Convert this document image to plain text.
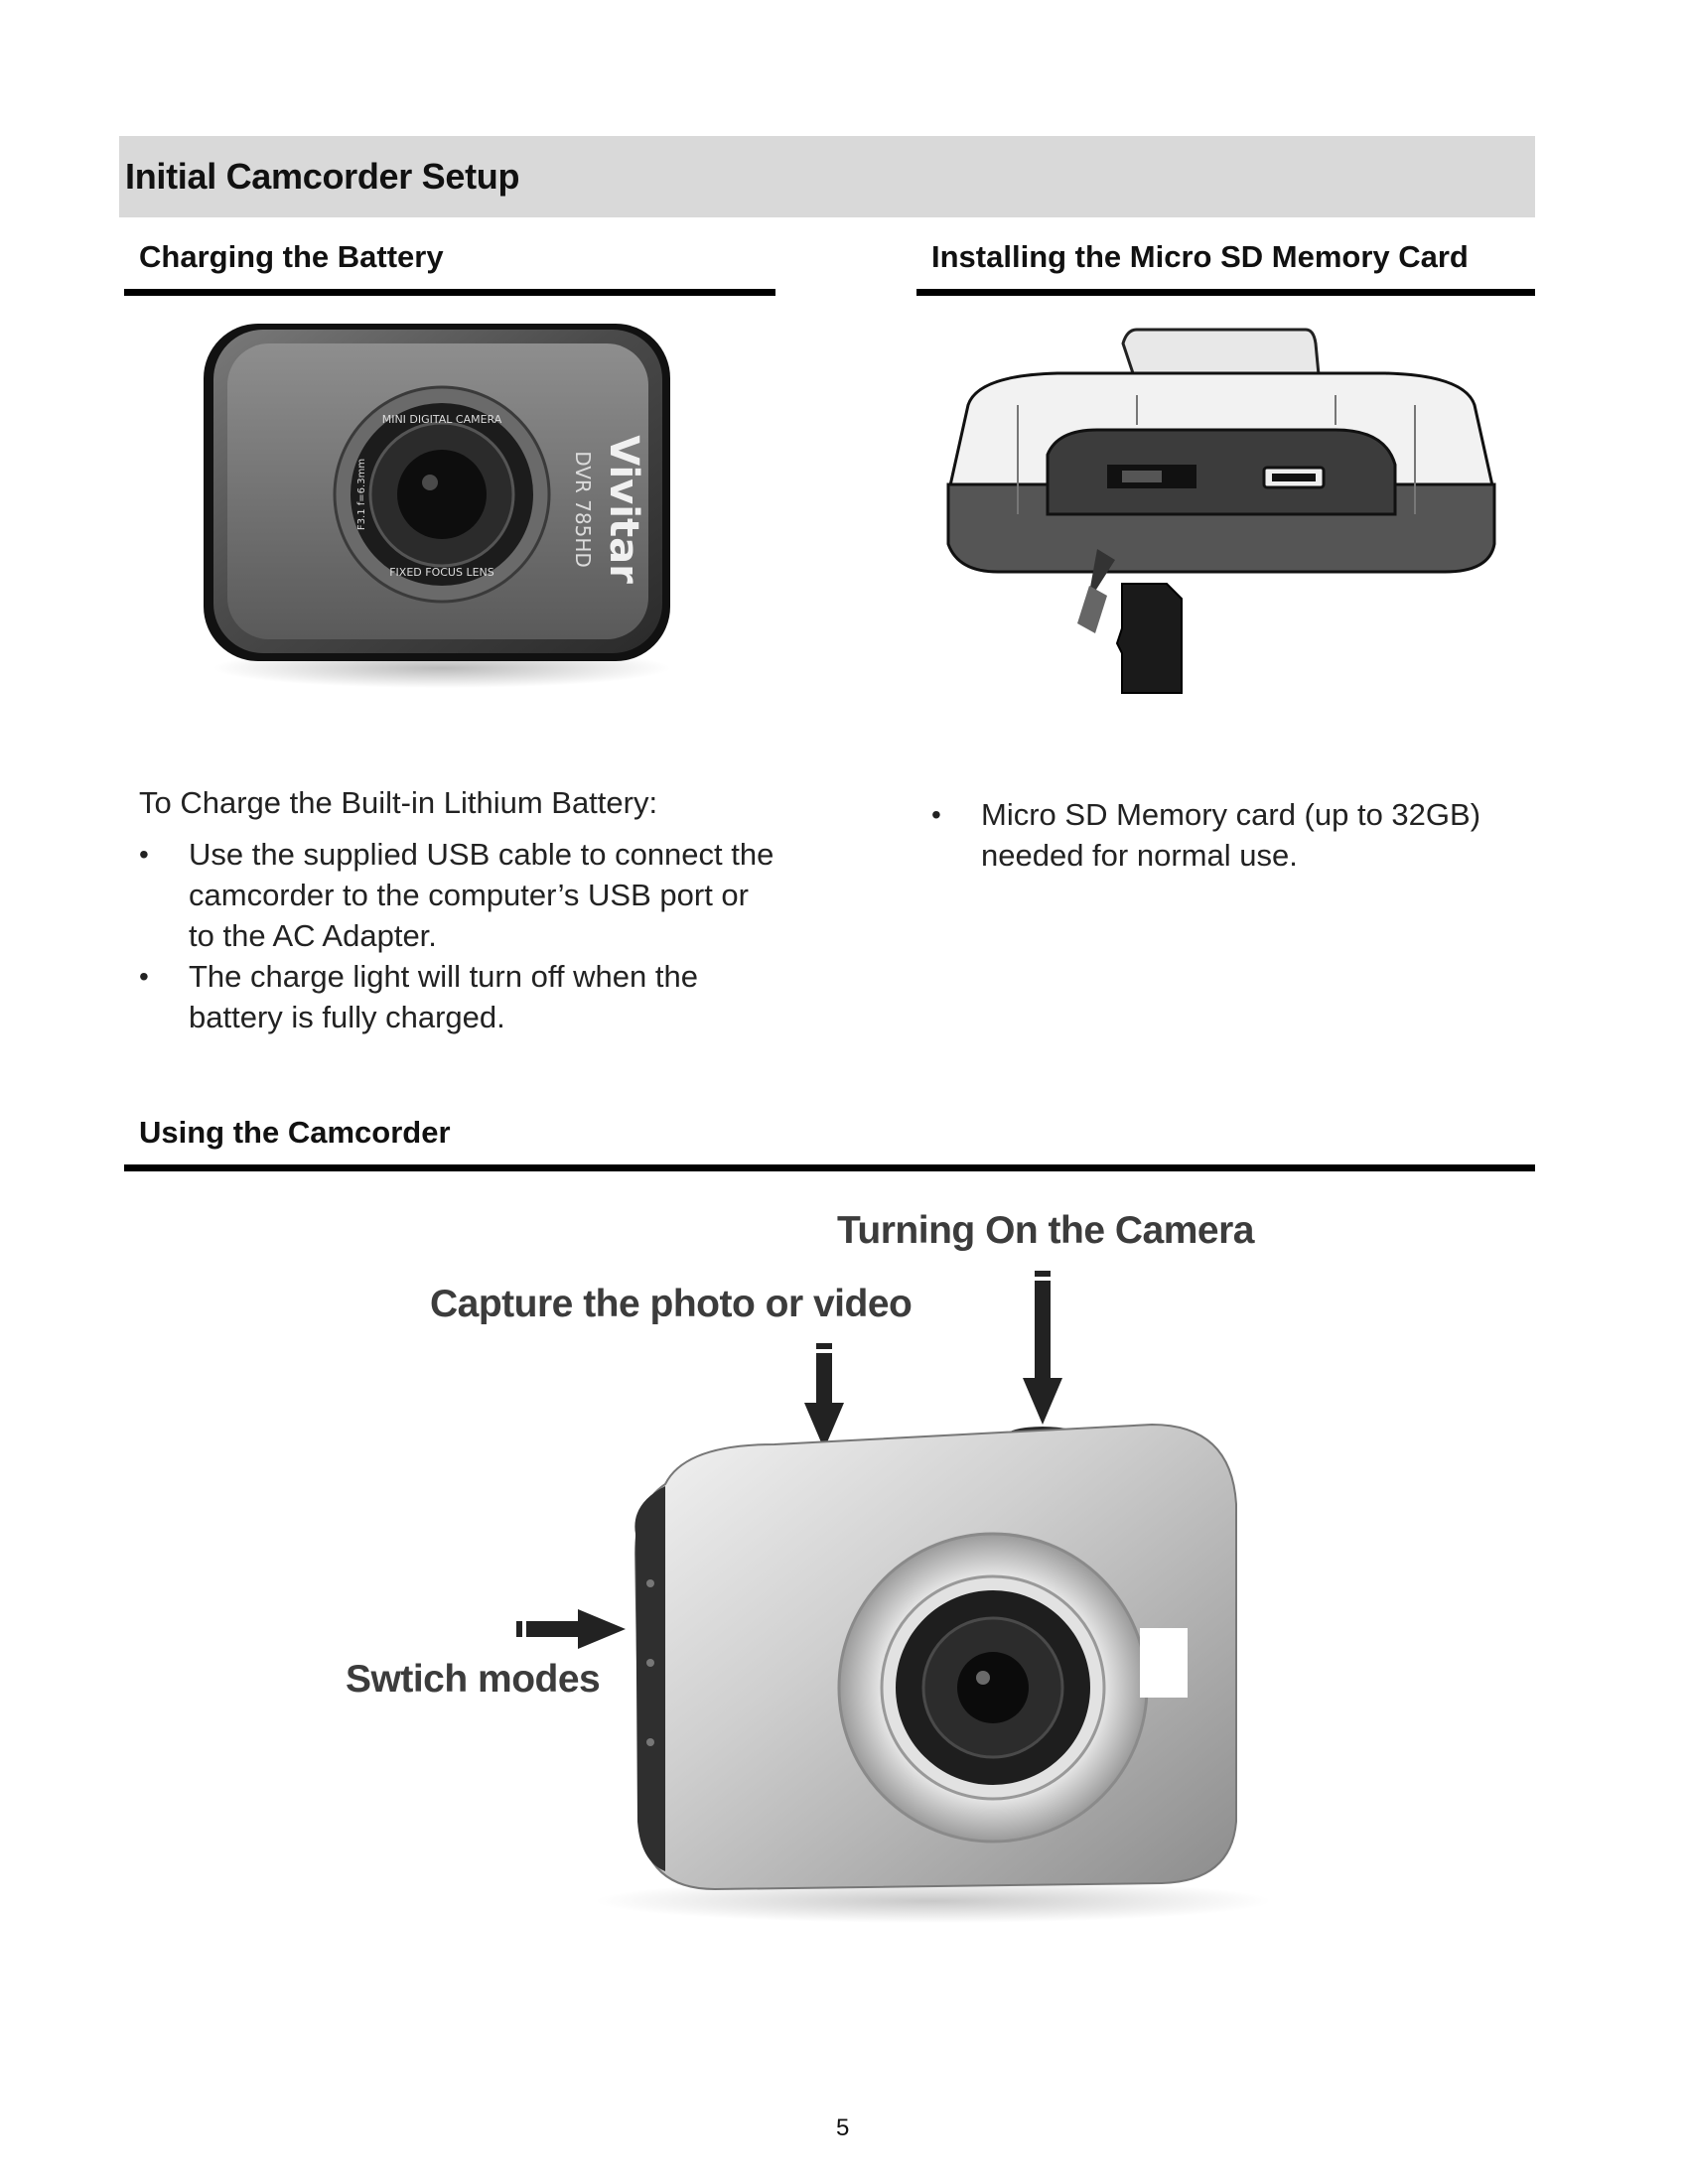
Initial Camcorder Setup
Charging the Battery
MINI DIGITAL CAMERA
FIXED FOCUS LENS
F3.1 f=6.3mm	Vivitar
DVR 785HD
To Charge the Built-in Lithium Battery:
• Use the supplied USB cable to connect the camcorder to the computer’s USB port or to the AC Adapter.
• The charge light will turn off when the battery is fully charged.
Installing the Micro SD Memory Card
• Micro SD Memory card (up to 32GB) needed for normal use.
Using the Camcorder
Turning On the Camera
Capture the photo or video
Swtich modes
5
